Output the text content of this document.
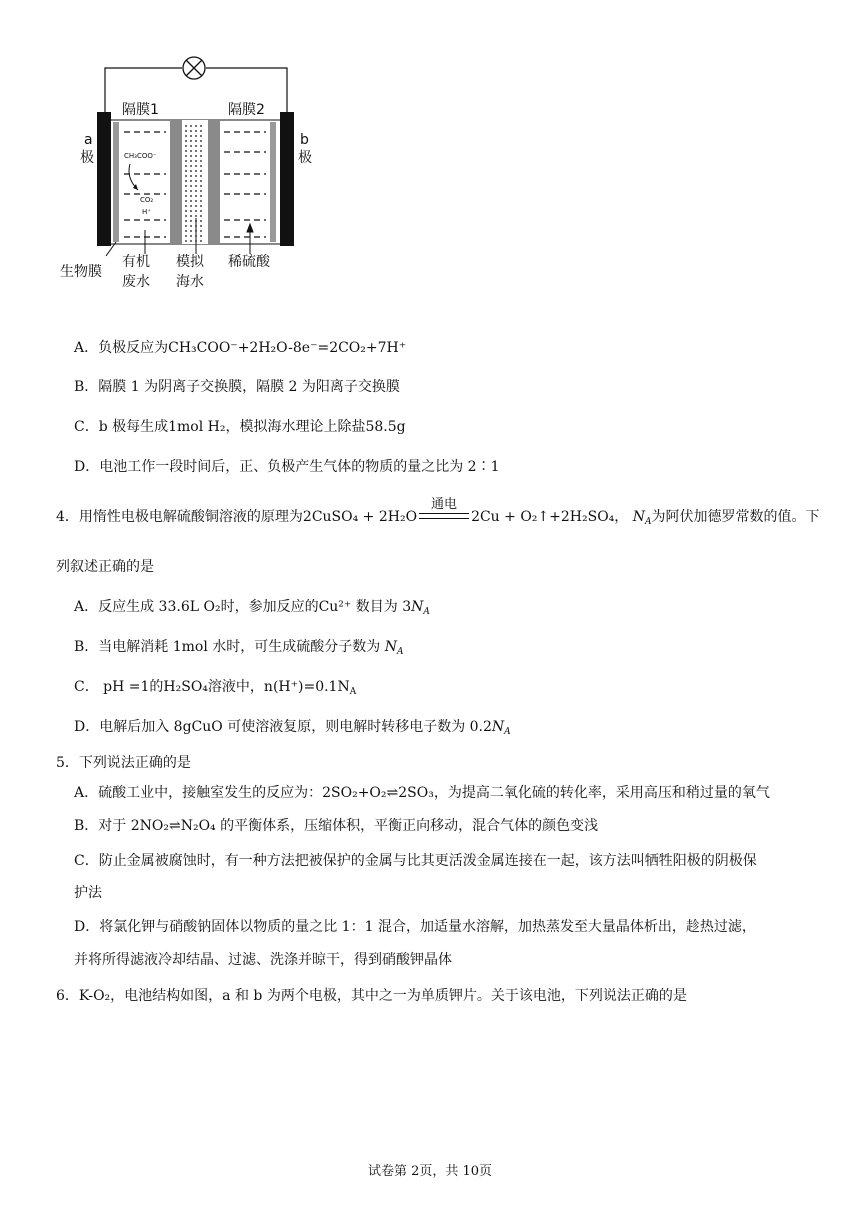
隔膜1	隔膜2
a
极
b
极
CH₃COO⁻
CO₂
H⁺
生物膜
有机
废水
模拟
海水
稀硫酸
A．负极反应为CH₃COO⁻+2H₂O-8e⁻=2CO₂+7H⁺
B．隔膜 1 为阴离子交换膜，隔膜 2 为阳离子交换膜
C．b 极每生成1mol H₂，模拟海水理论上除盐58.5g
D．电池工作一段时间后，正、负极产生气体的物质的量之比为 2∶1
4．用惰性电极电解硫酸铜溶液的原理为2CuSO₄ + 2H₂O
通电
2Cu + O₂↑+2H₂SO₄， $N_A$为阿伏加德罗常数的值。下
列叙述正确的是
A．反应生成 33.6L O₂时，参加反应的Cu²⁺ 数目为 $3N_A$
B．当电解消耗 1mol 水时，可生成硫酸分子数为 $N_A$
C． pH =1的H₂SO₄溶液中，$n(H^+)=0.1N_A$
D．电解后加入 8gCuO 可使溶液复原，则电解时转移电子数为 $0.2N_A$
5．下列说法正确的是
A．硫酸工业中，接触室发生的反应为：2SO₂+O₂⇌2SO₃，为提高二氧化硫的转化率，采用高压和稍过量的氧气
B．对于 2NO₂⇌N₂O₄ 的平衡体系，压缩体积，平衡正向移动，混合气体的颜色变浅
C．防止金属被腐蚀时，有一种方法把被保护的金属与比其更活泼金属连接在一起，该方法叫牺牲阳极的阴极保
护法
D．将氯化钾与硝酸钠固体以物质的量之比 1：1 混合，加适量水溶解，加热蒸发至大量晶体析出，趁热过滤，
并将所得滤液冷却结晶、过滤、洗涤并晾干，得到硝酸钾晶体
6．K-O₂，电池结构如图，a 和 b 为两个电极，其中之一为单质钾片。关于该电池，下列说法正确的是
试卷第 2页，共 10页
